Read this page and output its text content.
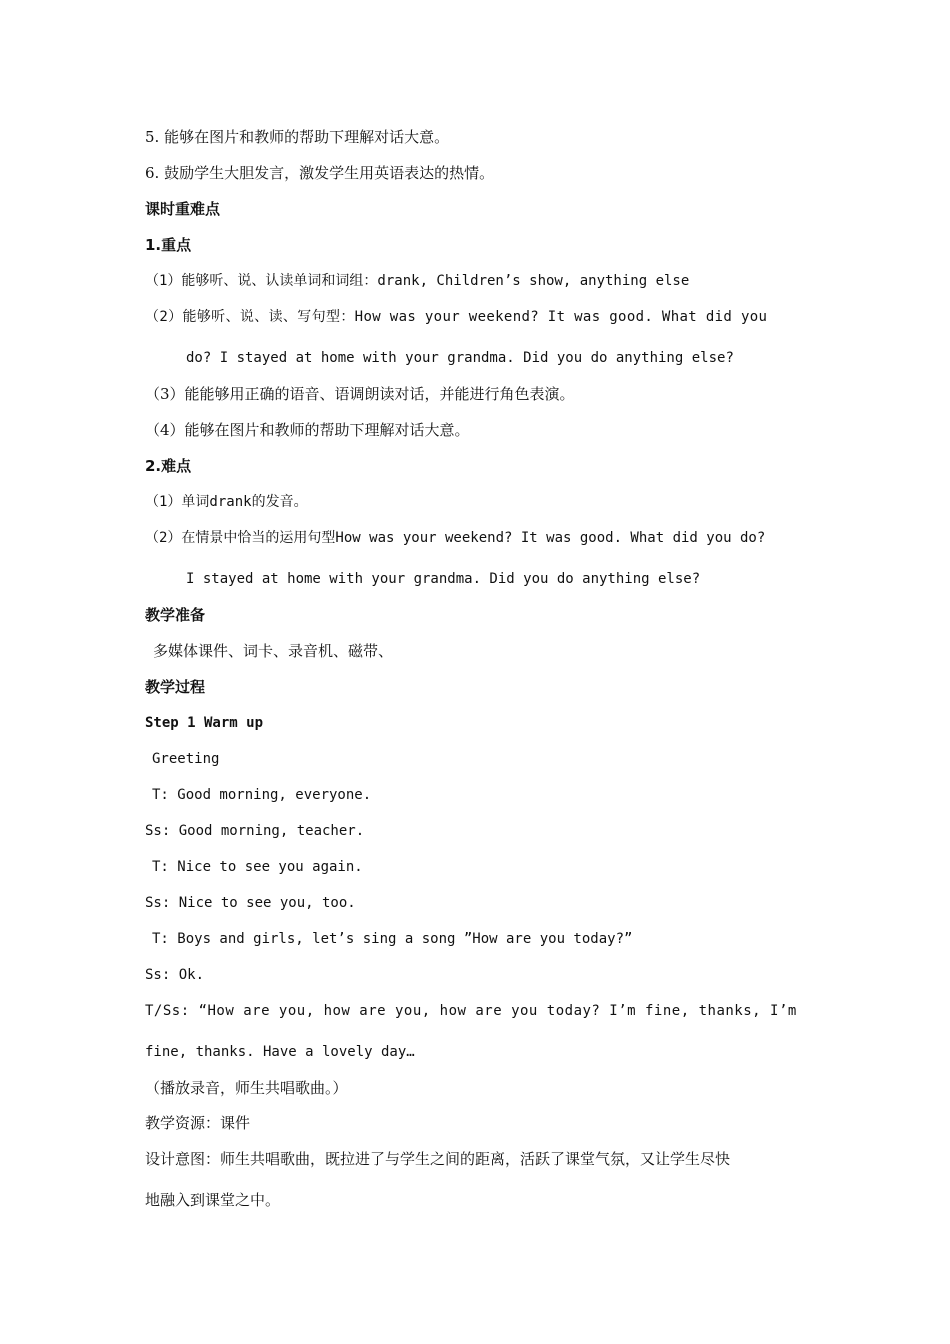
5. 能够在图片和教师的帮助下理解对话大意。
6. 鼓励学生大胆发言，激发学生用英语表达的热情。
课时重难点
1.重点
（1）能够听、说、认读单词和词组：drank, Children’s show, anything else
（2）能够听、说、读、写句型：How was your weekend? It was good. What did you
do? I stayed at home with your grandma. Did you do anything else?
（3）能能够用正确的语音、语调朗读对话，并能进行角色表演。
（4）能够在图片和教师的帮助下理解对话大意。
2.难点
（1）单词drank的发音。
（2）在情景中恰当的运用句型How was your weekend? It was good. What did you do?
I stayed at home with your grandma. Did you do anything else?
教学准备
多媒体课件、词卡、录音机、磁带、
教学过程
Step 1 Warm up
Greeting
T: Good morning, everyone.
Ss: Good morning, teacher.
T: Nice to see you again.
Ss: Nice to see you, too.
T: Boys and girls, let’s sing a song ”How are you today?”
Ss: Ok.
T/Ss: “How are you, how are you, how are you today? I’m fine, thanks, I’m
fine, thanks. Have a lovely day…
（播放录音，师生共唱歌曲。）
教学资源：课件
设计意图：师生共唱歌曲，既拉进了与学生之间的距离，活跃了课堂气氛，又让学生尽快
地融入到课堂之中。
